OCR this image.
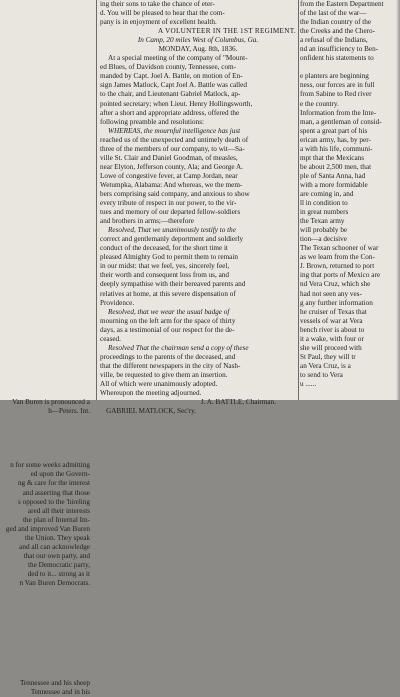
Van Buren is pronounced a
h—Peters. Int.
n for some weeks admitting
ed upon the Govern-
ng & care for the interest
and asserting that those
s opposed to the 'hireling
ared all their interests
the plan of Internal Im-
ged and improved Van Buren
the Union. They speak
and all can acknowledge
that our own party, and
the Democratic party,
ded to it... strong as it
n Van Buren Democrats.
Tennessee and his sheep
Tennessee and in his
ing their sons to take the chance of eter-
d. You will be pleased to hear that the com-
pany is in enjoyment of excellent health.
A VOLUNTEER IN THE 1ST REGIMENT.
In Camp, 20 miles West of Columbus, Ga.
MONDAY, Aug. 8th, 1836.
At a special meeting of the company of "Mount-
ed Blues, of Davidson county, Tennessee, com-
manded by Capt. Joel A. Battle, on motion of En-
sign James Matlock, Capt Joel A. Battle was called
to the chair, and Lieutenant Gabriel Matlock, ap-
pointed secretary; when Lieut. Henry Hollingsworth,
after a short and appropriate address, offered the
following preamble and resolutions:
WHEREAS, the mournful intelligence has just
reached us of the unexpected and untimely death of
three of the members of our company, to wit—Sa-
ville St. Clair and Daniel Goodman, of measles,
near Elyton, Jefferson county, Ala; and George A.
Lowe of congestive fever, at Camp Jordan, near
Wetumpka, Alabama: And whereas, we the mem-
bers comprising said company, and anxious to show
every tribute of respect in our power, to the vir-
tues and memory of our departed fellow-soldiers
and brothers in arms;—therefore
Resolved, That we unanimously testify to the
correct and gentlemanly deportment and soldierly
conduct of the deceased, for the short time it
pleased Almighty God to permit them to remain
in our midst: that we feel, yes, sincerely feel,
their worth and consequent loss from us, and
deeply sympathise with their bereaved parents and
relatives at home, at this severe dispensation of
Providence.
Resolved, that we wear the usual badge of
mourning on the left arm for the space of thirty
days, as a testimonial of our respect for the de-
ceased.
Resolved That the chairman send a copy of these
proceedings to the parents of the deceased, and
that the different newspapers in the city of Nash-
ville, be requested to give them an insertion.
All of which were unanimously adopted.
Whereupon the meeting adjourned.
J. A. BATTLE, Chairman.
GABRIEL MATLOCK, Sec'ry.
from the Eastern Department
of the last of the war—
the Indian country of the
the Creeks and the Chero-
a refusal of the Indians,
nd an insufficiency to Ben-
onfident his statements to
e planters are beginning
ness, our forces are in full
from Sabine to Red river
e the country.
Information from the Inte-
man, a gentleman of consid-
spent a great part of his
erican army, has, by per-
a with his life, communi-
mpt that the Mexicans
be about 2,500 men, that
ple of Santa Anna, had
with a more formidable
are coming in, and
ll in condition to
in great numbers
the Texan army
will probably be
tion—a decisive
The Texan schooner of war
as we learn from the Con-
J. Brown, returned to port
ing that ports of Mexico are
nd Vera Cruz, which she
had not seen any ves-
g any further information
he cruiser of Texas that
vessels of war at Vera
bench river is about to
it a wake, with four or
she will proceed with
St Paul, they will tr
an Vera Cruz, is a
to send to Vera
u ......
